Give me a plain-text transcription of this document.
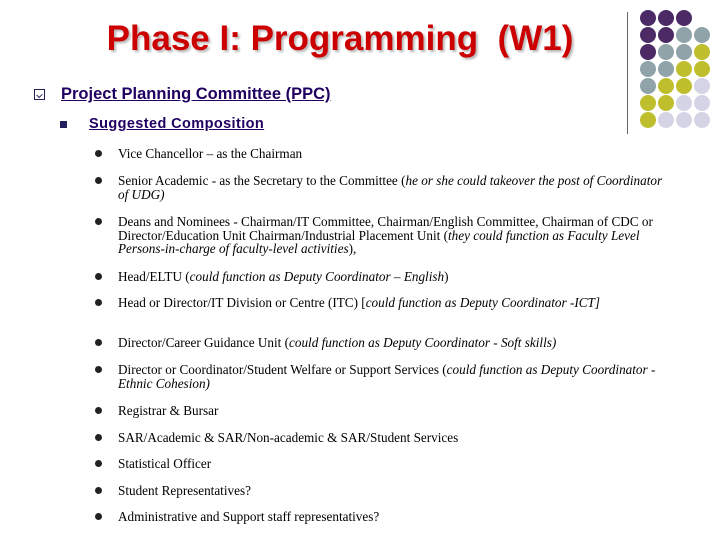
Phase I: Programming  (W1)
Project Planning Committee (PPC)
Suggested Composition
Vice Chancellor – as the Chairman
Senior Academic - as the Secretary to the Committee (he or she could takeover the post of Coordinator of UDG)
Deans and Nominees - Chairman/IT Committee, Chairman/English Committee, Chairman of CDC or Director/Education Unit Chairman/Industrial Placement Unit (they could function as Faculty Level Persons-in-charge of faculty-level activities),
Head/ELTU (could function as Deputy Coordinator – English)
Head or Director/IT Division or Centre (ITC) [could function as Deputy Coordinator -ICT]
Director/Career Guidance Unit (could function as Deputy Coordinator - Soft skills)
Director or Coordinator/Student Welfare or Support Services (could function as Deputy Coordinator - Ethnic Cohesion)
Registrar & Bursar
SAR/Academic & SAR/Non-academic & SAR/Student Services
Statistical Officer
Student Representatives?
Administrative and Support staff representatives?
